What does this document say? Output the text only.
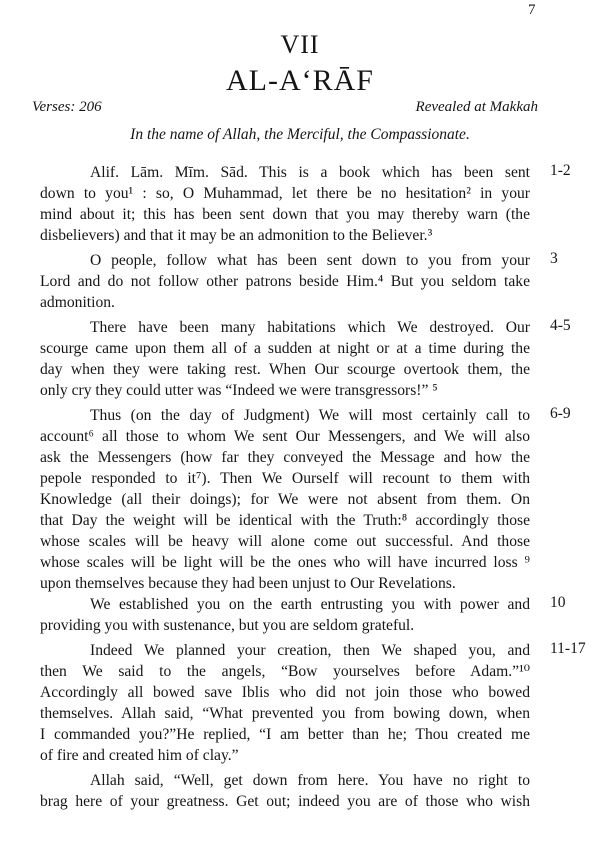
7
VII
AL-A‘RĀF
Verses: 206	Revealed at Makkah
In the name of Allah, the Merciful, the Compassionate.
Alif. Lām. Mīm. Sād. This is a book which has been sent
down to you¹ : so, O Muhammad, let there be no hesitation² in your
mind about it; this has been sent down that you may thereby warn (the
disbelievers) and that it may be an admonition to the Believer.³
1-2
O people, follow what has been sent down to you from your
Lord and do not follow other patrons beside Him.⁴ But you seldom take
admonition.
3
There have been many habitations which We destroyed. Our
scourge came upon them all of a sudden at night or at a time during the
day when they were taking rest. When Our scourge overtook them, the
only cry they could utter was “Indeed we were transgressors!” ⁵
4-5
Thus (on the day of Judgment) We will most certainly call to
account⁶ all those to whom We sent Our Messengers, and We will also
ask the Messengers (how far they conveyed the Message and how the
pepole responded to it⁷). Then We Ourself will recount to them with
Knowledge (all their doings); for We were not absent from them. On
that Day the weight will be identical with the Truth:⁸ accordingly those
whose scales will be heavy will alone come out successful. And those
whose scales will be light will be the ones who will have incurred loss ⁹
upon themselves because they had been unjust to Our Revelations.
6-9
We established you on the earth entrusting you with power and
providing you with sustenance, but you are seldom grateful.
10
Indeed We planned your creation, then We shaped you, and
then We said to the angels, “Bow yourselves before Adam.”¹⁰
Accordingly all bowed save Iblis who did not join those who bowed
themselves. Allah said, “What prevented you from bowing down, when
I commanded you?”He replied, “I am better than he; Thou created me
of fire and created him of clay.”
11-17
Allah said, “Well, get down from here. You have no right to
brag here of your greatness. Get out; indeed you are of those who wish
